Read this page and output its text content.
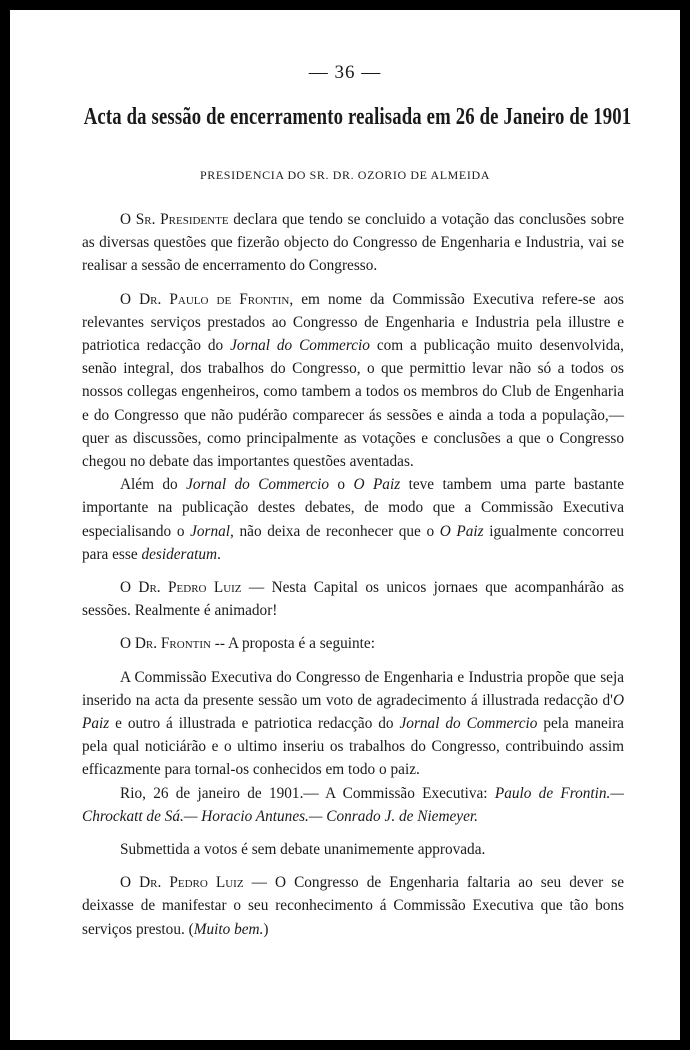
— 36 —
Acta da sessão de encerramento realisada em 26 de Janeiro de 1901
PRESIDENCIA DO SR. DR. OZORIO DE ALMEIDA

O Sr. Presidente declara que tendo se concluido a votação das conclusões sobre as diversas questões que fizerão objecto do Congresso de Engenharia e Industria, vai se realisar a sessão de encerramento do Congresso.

O Dr. Paulo de Frontin, em nome da Commissão Executiva refere-se aos relevantes serviços prestados ao Congresso de Engenharia e Industria pela illustre e patriotica redacção do Jornal do Commercio com a publicação muito desenvolvida, senão integral, dos trabalhos do Congresso, o que permittio levar não só a todos os nossos collegas engenheiros, como tambem a todos os membros do Club de Engenharia e do Congresso que não pudérão comparecer ás sessões e ainda a toda a população,— quer as discussões, como principalmente as votações e conclusões a que o Congresso chegou no debate das importantes questões aventadas.

Além do Jornal do Commercio o O Paiz teve tambem uma parte bastante importante na publicação destes debates, de modo que a Commissão Executiva especialisando o Jornal, não deixa de reconhecer que o O Paiz igualmente concorreu para esse desideratum.

O Dr. Pedro Luiz — Nesta Capital os unicos jornaes que acompanhárão as sessões. Realmente é animador!

O Dr. Frontin -- A proposta é a seguinte:

A Commissão Executiva do Congresso de Engenharia e Industria propõe que seja inserido na acta da presente sessão um voto de agradecimento á illustrada redacção d'O Paiz e outro á illustrada e patriotica redacção do Jornal do Commercio pela maneira pela qual noticiárão e o ultimo inseriu os trabalhos do Congresso, contribuindo assim efficazmente para tornal-os conhecidos em todo o paiz.

Rio, 26 de janeiro de 1901.— A Commissão Executiva: Paulo de Frontin.— Chrockatt de Sá.— Horacio Antunes.— Conrado J. de Niemeyer.

Submettida a votos é sem debate unanimemente approvada.

O Dr. Pedro Luiz — O Congresso de Engenharia faltaria ao seu dever se deixasse de manifestar o seu reconhecimento á Commissão Executiva que tão bons serviços prestou. (Muito bem.)
